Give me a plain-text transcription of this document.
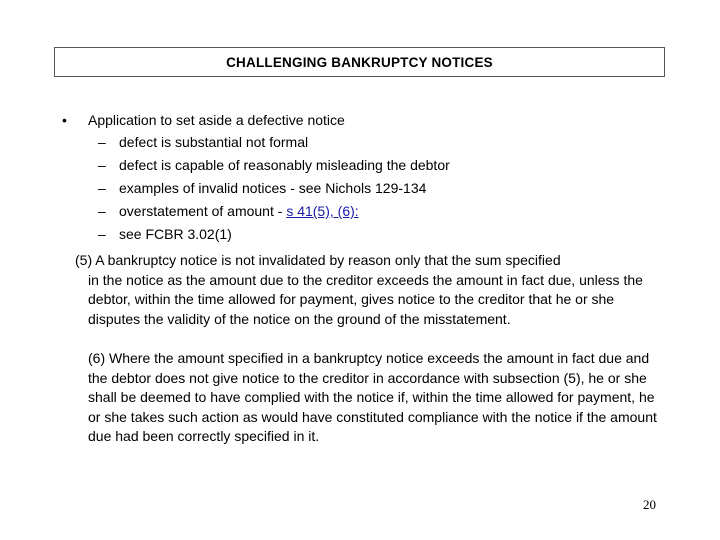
CHALLENGING BANKRUPTCY NOTICES
• Application to set aside a defective notice
– defect is substantial not formal
– defect is capable of reasonably misleading the debtor
– examples of invalid notices - see Nichols 129-134
– overstatement of amount - s 41(5), (6):
– see FCBR 3.02(1)
(5) A bankruptcy notice is not invalidated by reason only that the sum specified
in the notice as the amount due to the creditor exceeds the amount in fact due, unless the debtor, within the time allowed for payment, gives notice to the creditor that he or she disputes the validity of the notice on the ground of the misstatement.
(6) Where the amount specified in a bankruptcy notice exceeds the amount in fact due and the debtor does not give notice to the creditor in accordance with subsection (5), he or she shall be deemed to have complied with the notice if, within the time allowed for payment, he or she takes such action as would have constituted compliance with the notice if the amount due had been correctly specified in it.
20
